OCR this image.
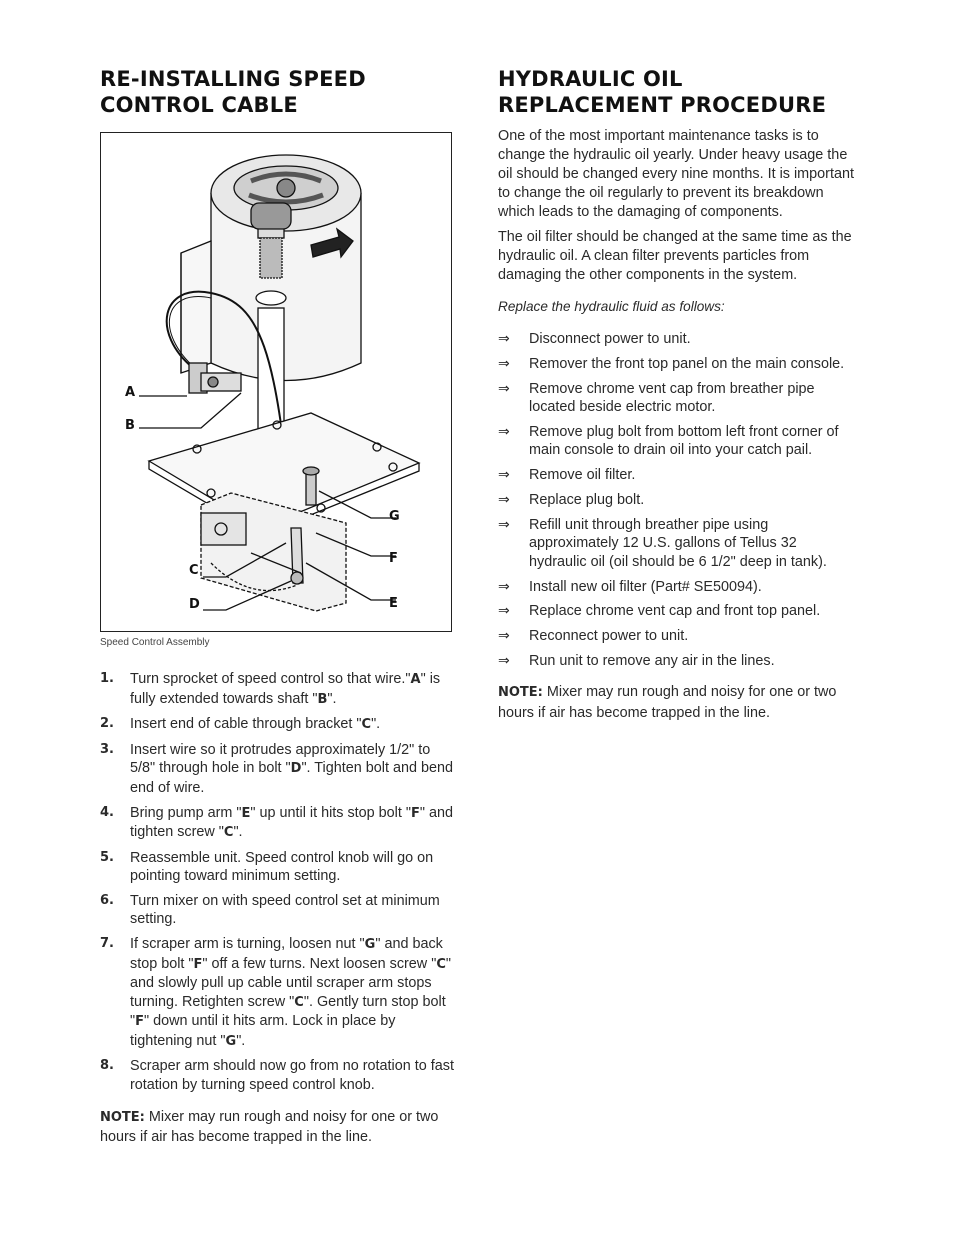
RE-INSTALLING SPEED
CONTROL CABLE
A
B
C
D	E
F
G
Speed Control Assembly
1.	Turn sprocket of speed control so that wire."A" is fully extended towards shaft "B".
2.	Insert end of cable through bracket "C".
3.	Insert wire so it protrudes approximately 1/2" to 5/8" through hole in bolt "D". Tighten bolt and bend end of wire.
4.	Bring pump arm "E" up until it hits stop bolt "F" and tighten screw "C".
5.	Reassemble unit. Speed control knob will go on pointing toward minimum setting.
6.	Turn mixer on with speed control set at minimum setting.
7.	If scraper arm is turning, loosen nut "G" and back stop bolt "F" off a few turns. Next loosen screw "C" and slowly pull up cable until scraper arm stops turning. Retighten screw "C". Gently turn stop bolt "F" down until it hits arm. Lock in place by tightening nut "G".
8.	Scraper arm should now go from no rotation to fast rotation by turning speed control knob.
NOTE: Mixer may run rough and noisy for one or two hours if air has become trapped in the line.
HYDRAULIC OIL
REPLACEMENT PROCEDURE

One of the most important maintenance tasks is to change the hydraulic oil yearly. Under heavy usage the oil should be changed every nine months. It is important to change the oil regularly to prevent its breakdown which leads to the damaging of components.

The oil filter should be changed at the same time as the hydraulic oil. A clean filter prevents particles from damaging the other components in the system.

Replace the hydraulic fluid as follows:

⇒	Disconnect power to unit.
⇒	Remover the front top panel on the main console.
⇒	Remove chrome vent cap from breather pipe located beside electric motor.
⇒	Remove plug bolt from bottom left front corner of main console to drain oil into your catch pail.
⇒	Remove oil filter.
⇒	Replace plug bolt.
⇒	Refill unit through breather pipe using approximately 12 U.S. gallons of Tellus 32 hydraulic oil (oil should be 6 1/2" deep in tank).
⇒	Install new oil filter (Part# SE50094).
⇒	Replace chrome vent cap and front top panel.
⇒	Reconnect power to unit.
⇒	Run unit to remove any air in the lines.
NOTE: Mixer may run rough and noisy for one or two hours if air has become trapped in the line.
